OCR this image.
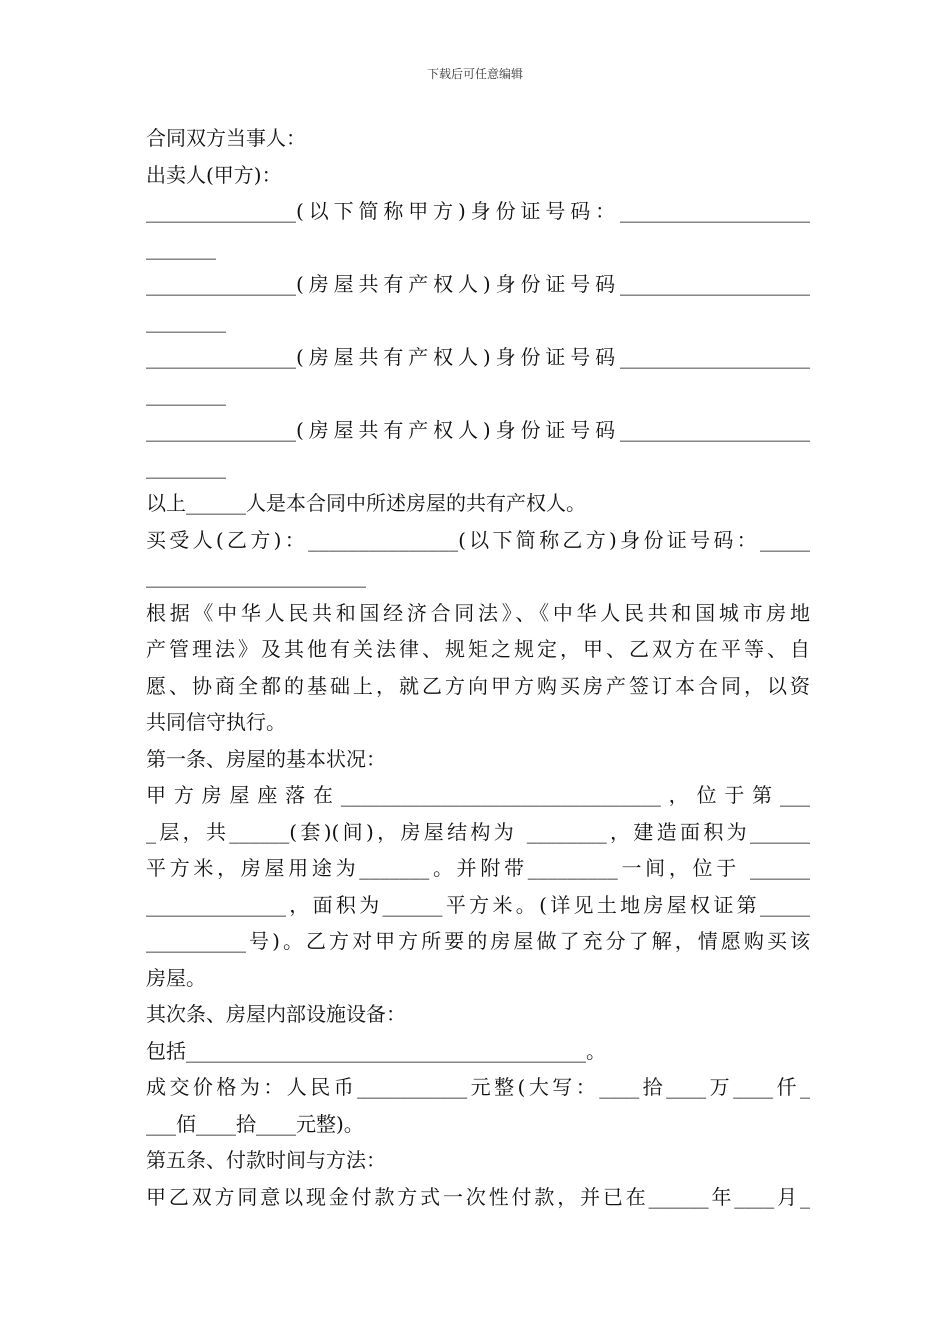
下载后可任意编辑
合同双方当事人：
出卖人(甲方)：
_______________(以下简称甲方)身份证号码：___________________
_______
_______________(房屋共有产权人)身份证号码___________________
________
_______________(房屋共有产权人)身份证号码___________________
________
_______________(房屋共有产权人)身份证号码___________________
________
以上______人是本合同中所述房屋的共有产权人。
买受人(乙方)：_______________(以下简称乙方)身份证号码：_____
______________________
根据《中华人民共和国经济合同法》、《中华人民共和国城市房地
产管理法》及其他有关法律、规矩之规定，甲、乙双方在平等、自
愿、协商全都的基础上，就乙方向甲方购买房产签订本合同，以资
共同信守执行。
第一条、房屋的基本状况：
甲方房屋座落在________________________________，位于第___
_层，共______(套)(间)，房屋结构为 ________，建造面积为______
平方米，房屋用途为_______。并附带_________一间，位于 ______
______________，面积为______平方米。(详见土地房屋权证第_____
__________号)。乙方对甲方所要的房屋做了充分了解，情愿购买该
房屋。
其次条、房屋内部设施设备：
包括________________________________________。
成交价格为：人民币___________元整(大写：____拾____万____仟_
___佰____拾____元整)。
第五条、付款时间与方法：
甲乙双方同意以现金付款方式一次性付款，并已在______年____月_
